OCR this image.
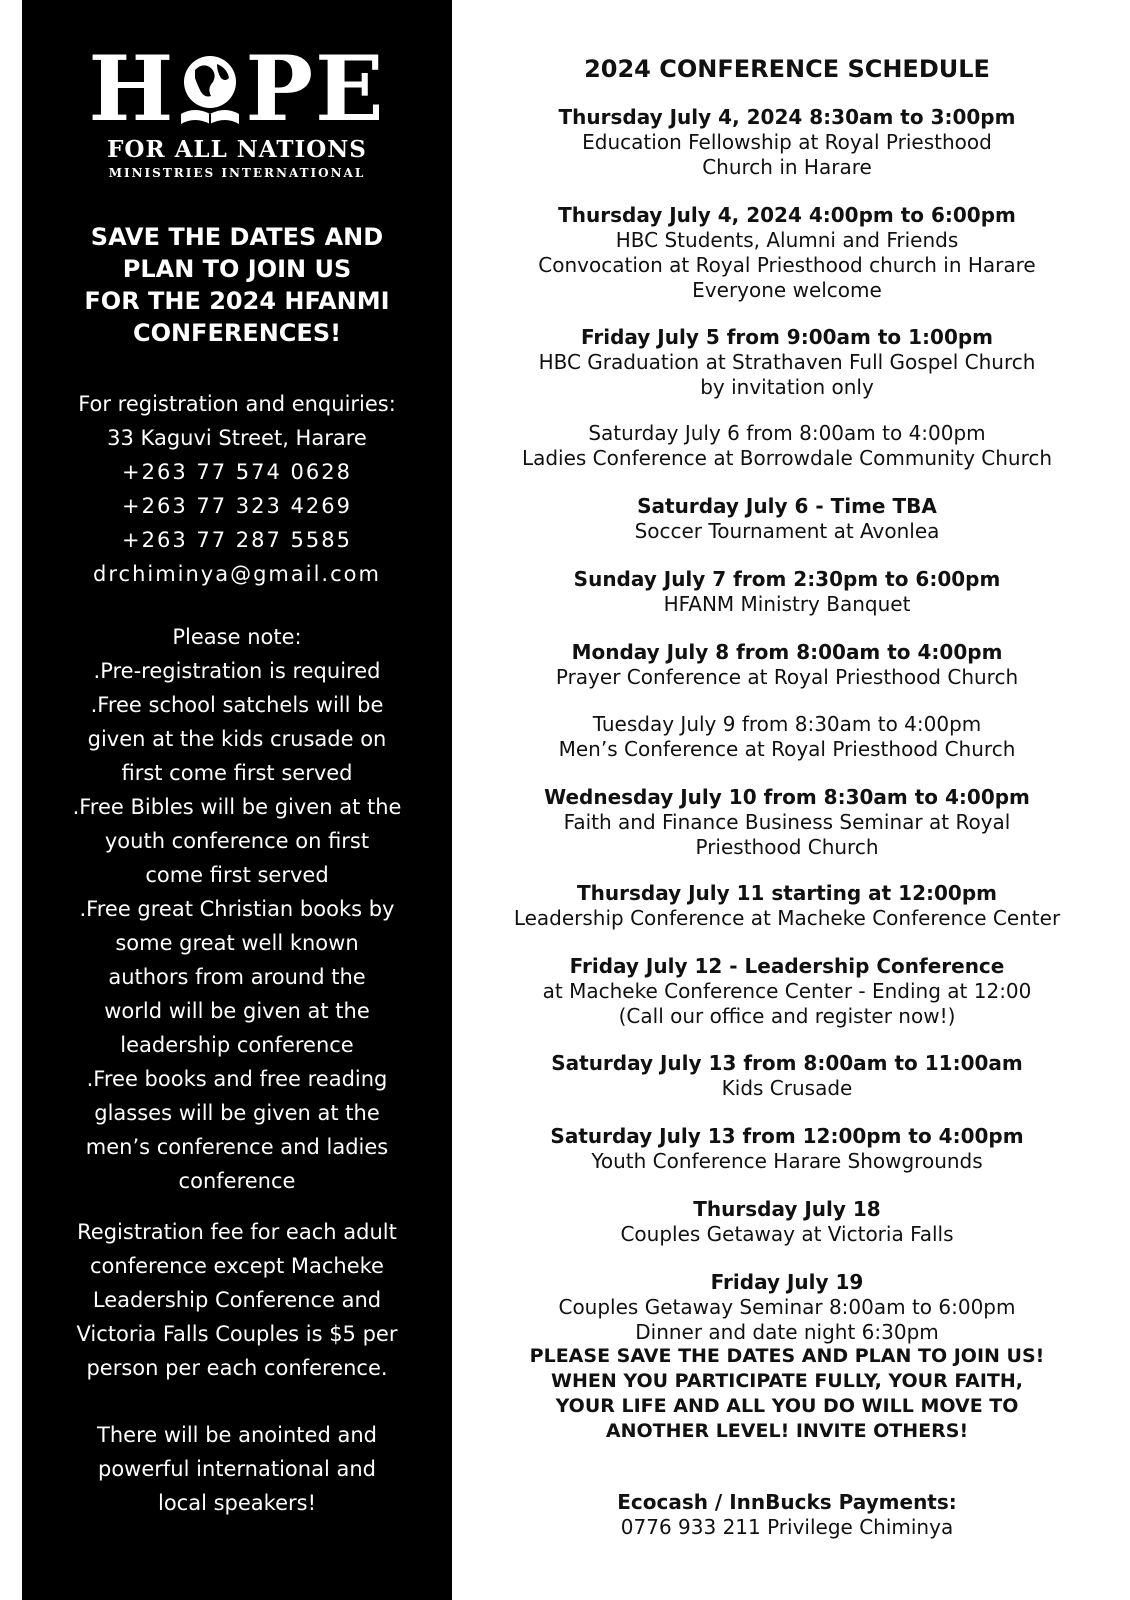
H PE
FOR ALL NATIONS
MINISTRIES INTERNATIONAL
SAVE THE DATES AND
PLAN TO JOIN US
FOR THE 2024 HFANMI
CONFERENCES!
For registration and enquiries:
33 Kaguvi Street, Harare
+263 77 574 0628
+263 77 323 4269
+263 77 287 5585
drchiminya@gmail.com
Please note:
.Pre-registration is required
.Free school satchels will be
given at the kids crusade on
first come first served
.Free Bibles will be given at the
youth conference on first
come first served
.Free great Christian books by
some great well known
authors from around the
world will be given at the
leadership conference
.Free books and free reading
glasses will be given at the
men’s conference and ladies
conference
Registration fee for each adult
conference except Macheke
Leadership Conference and
Victoria Falls Couples is $5 per
person per each conference.
There will be anointed and
powerful international and
local speakers!
2024 CONFERENCE SCHEDULE
Thursday July 4, 2024 8:30am to 3:00pm
Education Fellowship at Royal Priesthood
Church in Harare
Thursday July 4, 2024 4:00pm to 6:00pm
HBC Students, Alumni and Friends
Convocation at Royal Priesthood church in Harare
Everyone welcome
Friday July 5 from 9:00am to 1:00pm
HBC Graduation at Strathaven Full Gospel Church
by invitation only
Saturday July 6 from 8:00am to 4:00pm
Ladies Conference at Borrowdale Community Church
Saturday July 6 - Time TBA
Soccer Tournament at Avonlea
Sunday July 7 from 2:30pm to 6:00pm
HFANM Ministry Banquet
Monday July 8 from 8:00am to 4:00pm
Prayer Conference at Royal Priesthood Church
Tuesday July 9 from 8:30am to 4:00pm
Men’s Conference at Royal Priesthood Church
Wednesday July 10 from 8:30am to 4:00pm
Faith and Finance Business Seminar at Royal
Priesthood Church
Thursday July 11 starting at 12:00pm
Leadership Conference at Macheke Conference Center
Friday July 12 - Leadership Conference
at Macheke Conference Center - Ending at 12:00
(Call our office and register now!)
Saturday July 13 from 8:00am to 11:00am
Kids Crusade
Saturday July 13 from 12:00pm to 4:00pm
Youth Conference Harare Showgrounds
Thursday July 18
Couples Getaway at Victoria Falls
Friday July 19
Couples Getaway Seminar 8:00am to 6:00pm
Dinner and date night 6:30pm
PLEASE SAVE THE DATES AND PLAN TO JOIN US!
WHEN YOU PARTICIPATE FULLY, YOUR FAITH,
YOUR LIFE AND ALL YOU DO WILL MOVE TO
ANOTHER LEVEL! INVITE OTHERS!
Ecocash / InnBucks Payments:
0776 933 211 Privilege Chiminya
